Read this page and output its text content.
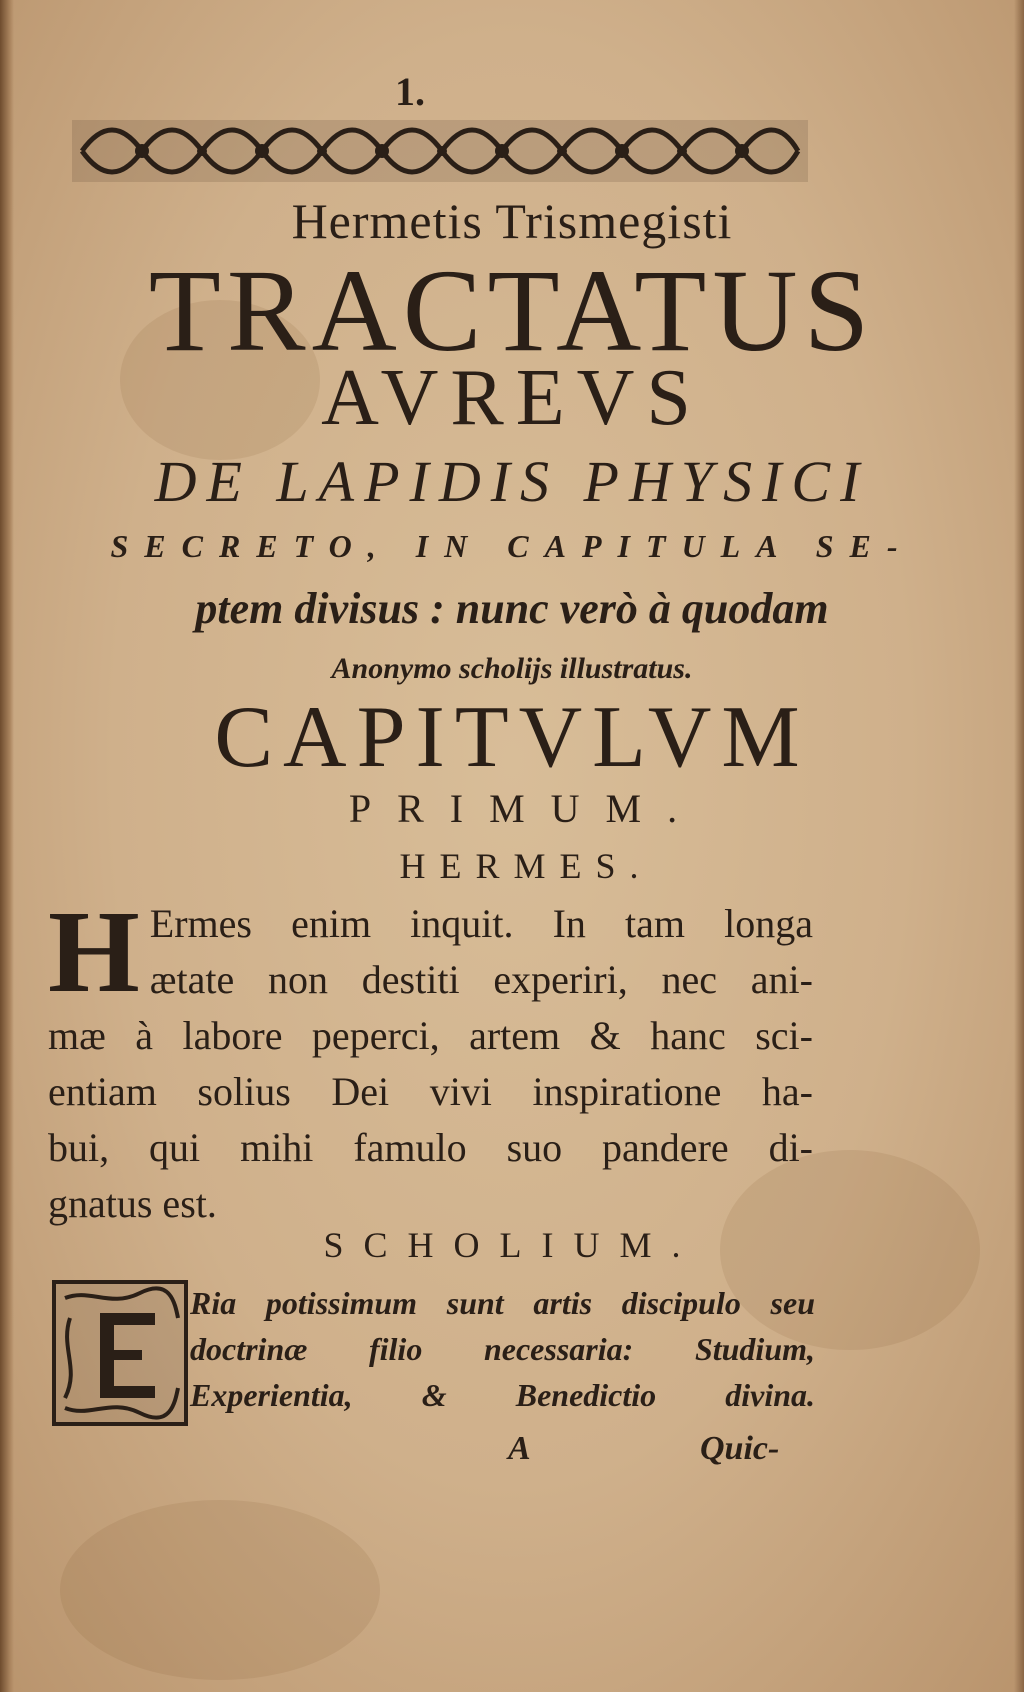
1.
Hermetis Trismegisti
TRACTATUS
AVREVS
DE LAPIDIS PHYSICI
SECRETO, IN CAPITULA SE-
ptem divisus : nunc verò à quodam
Anonymo scholijs illustratus.
CAPITVLVM
PRIMUM.
HERMES.
H Ermes enim inquit. In tam longa
ætate non destiti experiri, nec ani-
mæ à labore peperci, artem & hanc sci-
entiam solius Dei vivi inspiratione ha-
bui, qui mihi famulo suo pandere di-
gnatus est.
SCHOLIUM.
Ria potissimum sunt artis discipulo seu
doctrinæ filio necessaria: Studium,
Experientia, & Benedictio divina.
A	Quic-
